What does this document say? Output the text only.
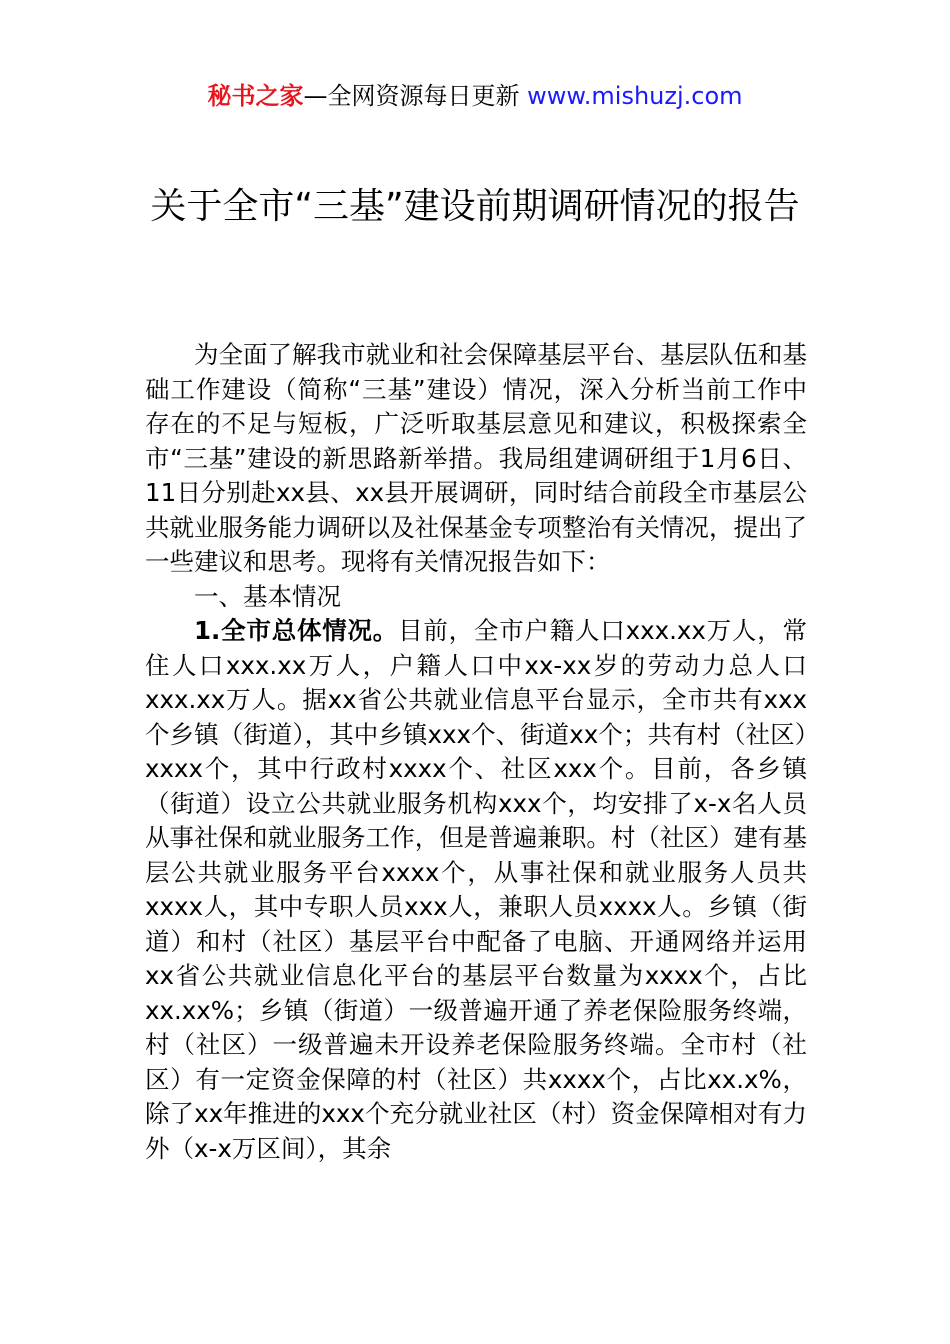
秘书之家—全网资源每日更新 www.mishuzj.com
关于全市“三基”建设前期调研情况的报告

为全面了解我市就业和社会保障基层平台、基层队伍和基础工作建设（简称“三基”建设）情况，深入分析当前工作中存在的不足与短板，广泛听取基层意见和建议，积极探索全市“三基”建设的新思路新举措。我局组建调研组于1月6日、11日分别赴xx县、xx县开展调研，同时结合前段全市基层公共就业服务能力调研以及社保基金专项整治有关情况，提出了一些建议和思考。现将有关情况报告如下：

一、基本情况

1.全市总体情况。目前，全市户籍人口xxx.xx万人，常住人口xxx.xx万人，户籍人口中xx-xx岁的劳动力总人口xxx.xx万人。据xx省公共就业信息平台显示，全市共有xxx个乡镇（街道），其中乡镇xxx个、街道xx个；共有村（社区）xxxx个，其中行政村xxxx个、社区xxx个。目前，各乡镇（街道）设立公共就业服务机构xxx个，均安排了x-x名人员从事社保和就业服务工作，但是普遍兼职。村（社区）建有基层公共就业服务平台xxxx个，从事社保和就业服务人员共xxxx人，其中专职人员xxx人，兼职人员xxxx人。乡镇（街道）和村（社区）基层平台中配备了电脑、开通网络并运用xx省公共就业信息化平台的基层平台数量为xxxx个，占比xx.xx%；乡镇（街道）一级普遍开通了养老保险服务终端，村（社区）一级普遍未开设养老保险服务终端。全市村（社区）有一定资金保障的村（社区）共xxxx个，占比xx.x%，除了xx年推进的xxx个充分就业社区（村）资金保障相对有力外（x-x万区间），其余
